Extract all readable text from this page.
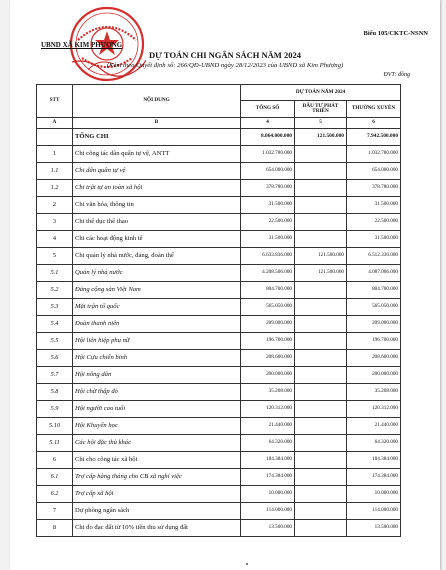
Biểu 105/CKTC-NSNN
UBND XÃ KIM PHƯỢNG
DỰ TOÁN CHI NGÂN SÁCH NĂM 2024
(Kèm theo Quyết định số: 266/QĐ-UBND ngày 28/12/2023 của UBND xã Kim Phượng)
ĐVT: đồng
STT	NỘI DUNG	DỰ TOÁN NĂM 2024		
		TỔNG SỐ	ĐẦU TƯ PHÁT TRIỂN	THƯỜNG XUYÊN
A	B	4	5	6
	TỔNG CHI	8.064.000.000	121.500.000	7.942.500.000
1	Chi công tác dân quân tự vệ, ANTT	1.032.780.000		1.032.780.000
1.1	Chi dân quân tự vệ	654.000.000		654.000.000
1.2	Chi trật tự an toàn xã hội	378.780.000		378.780.000
2	Chi văn hóa, thông tin	31.500.000		31.500.000
3	Chi thể dục thể thao	22.500.000		22.500.000
4	Chi các hoạt động kinh tế	31.500.000		31.500.000
5	Chi quản lý nhà nước, đảng, đoàn thể	6.633.836.000	121.500.000	6.512.336.000
5.1	Quản lý nhà nước	4.208.506.000	121.500.000	4.087.006.000
5.2	Đảng cộng sản Việt Nam	804.700.000		804.700.000
5.3	Mặt trận tổ quốc	565.050.000		565.050.000
5.4	Đoàn thanh niên	209.000.000		209.000.000
5.5	Hội liên hiệp phụ nữ	196.700.000		196.700.000
5.6	Hội Cựu chiến binh	208.600.000		208.600.000
5.7	Hội nông dân	200.000.000		200.000.000
5.8	Hội chữ thập đỏ	35.208.000		35.208.000
5.9	Hội người cao tuổi	120.312.000		120.312.000
5.10	Hội Khuyến học	21.440.000		21.440.000
5.11	Các hội đặc thù khác	64.320.000		64.320.000
6	Chi cho công tác xã hội	184.384.000		184.384.000
6.1	Trợ cấp hàng tháng cho CB xã nghỉ việc	174.384.000		174.384.000
6.2	Trợ cấp xã hội	10.000.000		10.000.000
7	Dự phòng ngân sách	114.000.000		114.000.000
8	Chi đo đạc đất từ 10% tiền thu sử dụng đất	13.500.000		13.500.000
